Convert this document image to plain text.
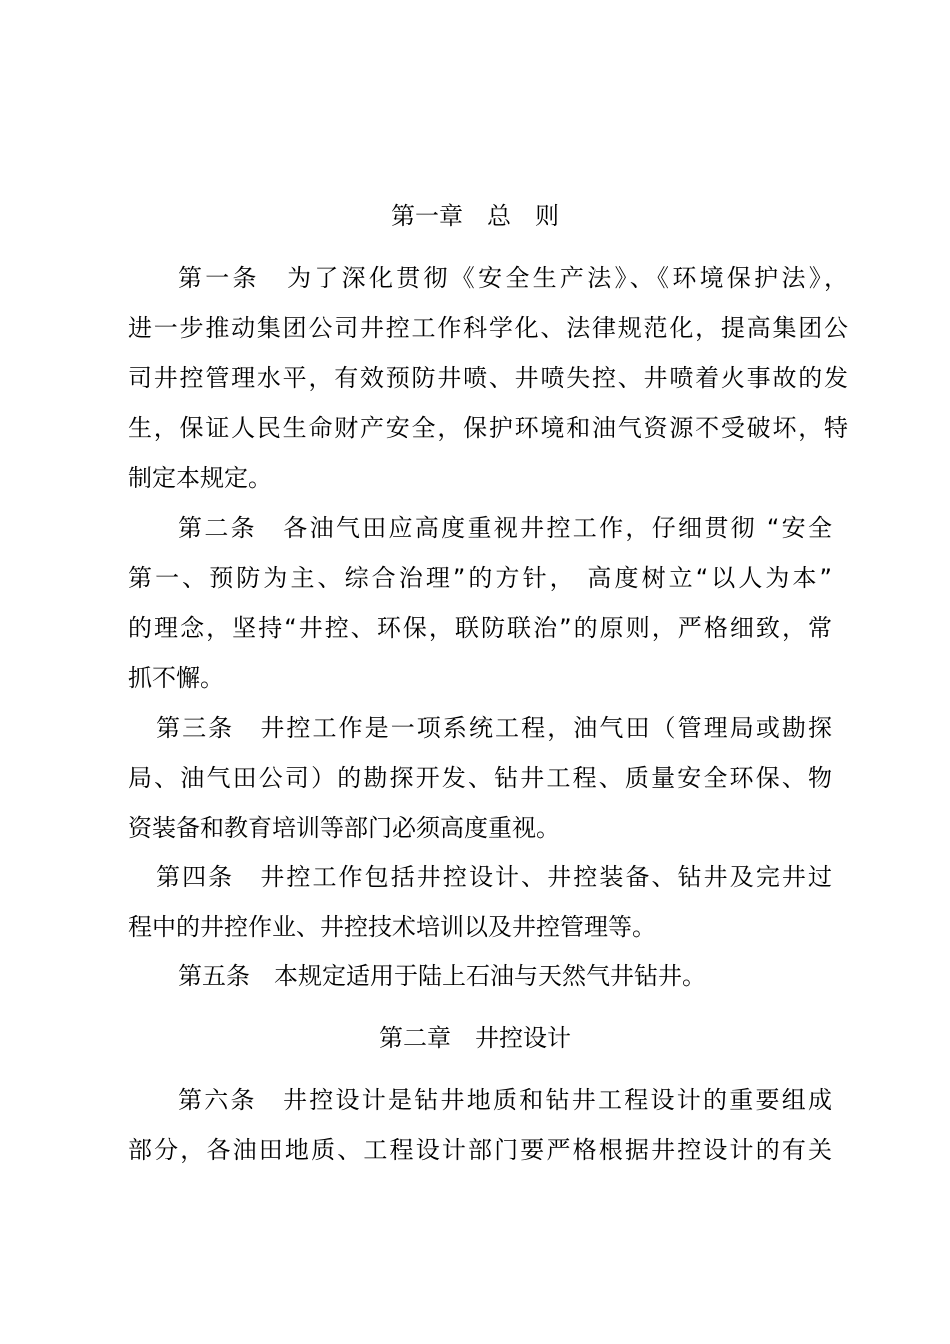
第一章　总　则
第一条　为了深化贯彻《安全生产法》、《环境保护法》，
进一步推动集团公司井控工作科学化、法律规范化，提高集团公
司井控管理水平，有效预防井喷、井喷失控、井喷着火事故的发
生，保证人民生命财产安全，保护环境和油气资源不受破坏，特
制定本规定。
第二条　各油气田应高度重视井控工作，仔细贯彻 “安全
第一、预防为主、综合治理”的方针， 高度树立“以人为本”
的理念，坚持“井控、环保，联防联治”的原则，严格细致，常
抓不懈。
第三条　井控工作是一项系统工程，油气田（管理局或勘探
局、油气田公司）的勘探开发、钻井工程、质量安全环保、物
资装备和教育培训等部门必须高度重视。
第四条　井控工作包括井控设计、井控装备、钻井及完井过
程中的井控作业、井控技术培训以及井控管理等。
第五条　本规定适用于陆上石油与天然气井钻井。
第二章　井控设计
第六条　井控设计是钻井地质和钻井工程设计的重要组成
部分，各油田地质、工程设计部门要严格根据井控设计的有关
